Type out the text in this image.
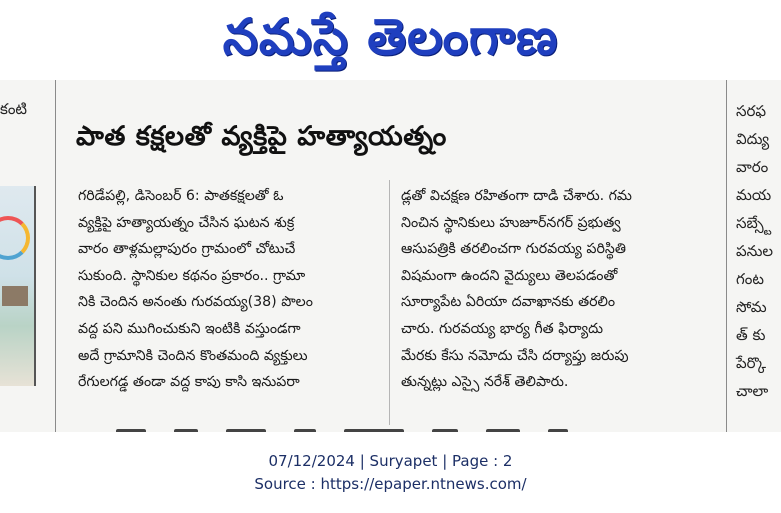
నమస్తే తెలంగాణ
కంటి
పాత కక్షలతో వ్యక్తిపై హత్యాయత్నం
గరిడేపల్లి, డిసెంబర్ 6: పాతకక్షలతో ఓ
వ్యక్తిపై హత్యాయత్నం చేసిన ఘటన శుక్ర
వారం తాళ్లమల్లాపురం గ్రామంలో చోటుచే
సుకుంది. స్థానికుల కథనం ప్రకారం.. గ్రామా
నికి చెందిన అనంతు గురవయ్య(38) పొలం
వద్ద పని ముగించుకుని ఇంటికి వస్తుండగా
అదే గ్రామానికి చెందిన కొంతమంది వ్యక్తులు
రేగులగడ్డ తండా వద్ద కాపు కాసి ఇనుపరా
డ్లతో విచక్షణ రహితంగా దాడి చేశారు. గమ
నించిన స్థానికులు హుజూర్‌నగర్ ప్రభుత్వ
ఆసుపత్రికి తరలించగా గురవయ్య పరిస్థితి
విషమంగా ఉందని వైద్యులు తెలపడంతో
సూర్యాపేట ఏరియా దవాఖానకు తరలిం
చారు. గురవయ్య భార్య గీత ఫిర్యాదు
మేరకు కేసు నమోదు చేసి దర్యాప్తు జరుపు
తున్నట్లు ఎస్సై నరేశ్ తెలిపారు.
సరఫ
విద్యు
వారం
మయ
సబ్స్టే
పనుల
గంట
సోమ
త్ కు
పేర్కొ
చాలా
07/12/2024 | Suryapet | Page : 2
Source : https://epaper.ntnews.com/
